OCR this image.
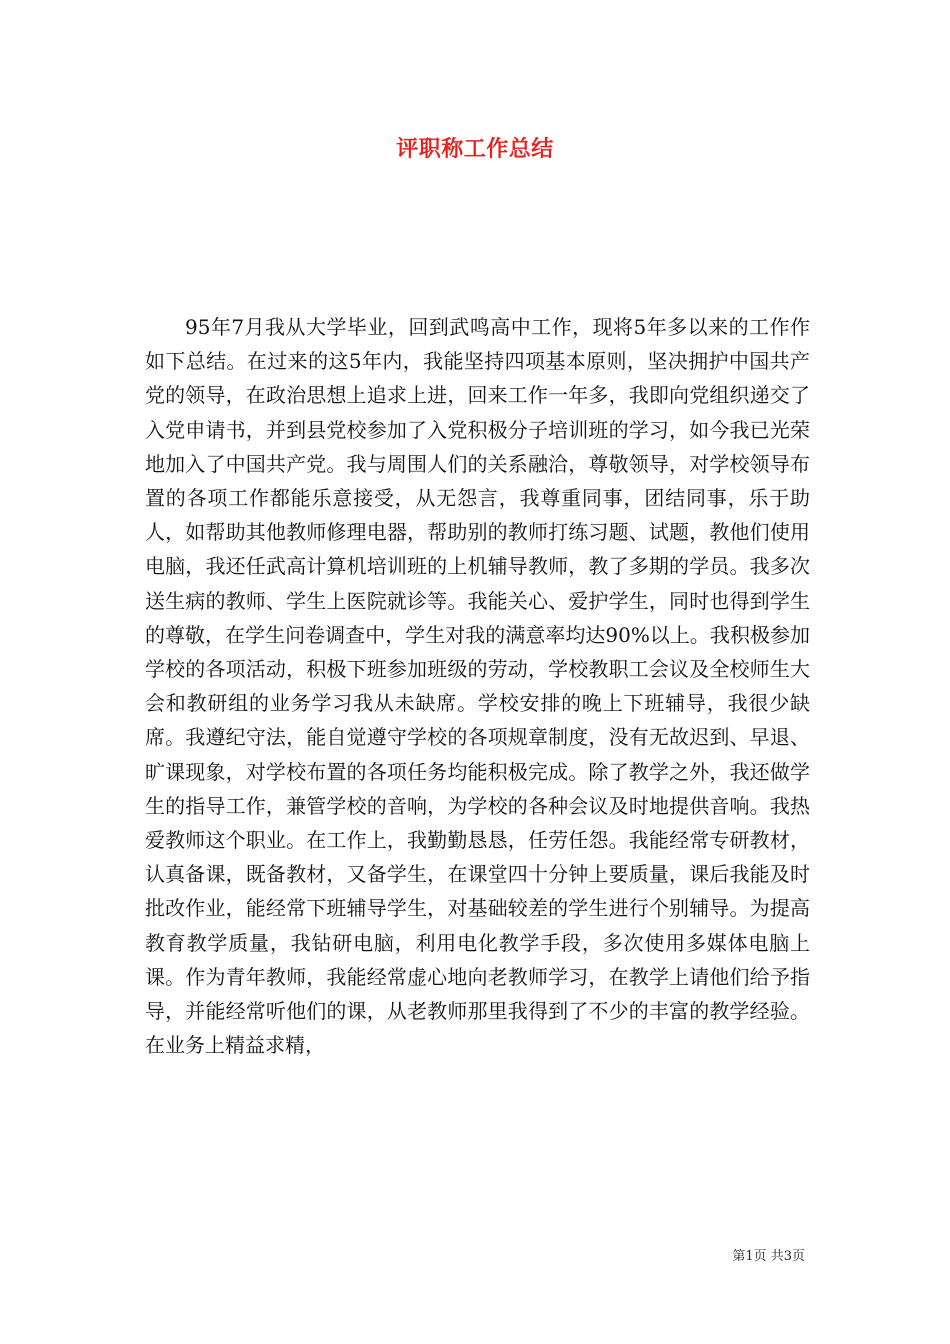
评职称工作总结

95年7月我从大学毕业，回到武鸣高中工作，现将5年多以来的工作作如下总结。在过来的这5年内，我能坚持四项基本原则，坚决拥护中国共产党的领导，在政治思想上追求上进，回来工作一年多，我即向党组织递交了入党申请书，并到县党校参加了入党积极分子培训班的学习，如今我已光荣地加入了中国共产党。我与周围人们的关系融洽，尊敬领导，对学校领导布置的各项工作都能乐意接受，从无怨言，我尊重同事，团结同事，乐于助人，如帮助其他教师修理电器，帮助别的教师打练习题、试题，教他们使用电脑，我还任武高计算机培训班的上机辅导教师，教了多期的学员。我多次送生病的教师、学生上医院就诊等。我能关心、爱护学生，同时也得到学生的尊敬，在学生问卷调查中，学生对我的满意率均达90%以上。我积极参加学校的各项活动，积极下班参加班级的劳动，学校教职工会议及全校师生大会和教研组的业务学习我从未缺席。学校安排的晚上下班辅导，我很少缺席。我遵纪守法，能自觉遵守学校的各项规章制度，没有无故迟到、早退、旷课现象，对学校布置的各项任务均能积极完成。除了教学之外，我还做学生的指导工作，兼管学校的音响，为学校的各种会议及时地提供音响。我热爱教师这个职业。在工作上，我勤勤恳恳，任劳任怨。我能经常专研教材，认真备课，既备教材，又备学生，在课堂四十分钟上要质量，课后我能及时批改作业，能经常下班辅导学生，对基础较差的学生进行个别辅导。为提高教育教学质量，我钻研电脑，利用电化教学手段，多次使用多媒体电脑上课。作为青年教师，我能经常虚心地向老教师学习，在教学上请他们给予指导，并能经常听他们的课，从老教师那里我得到了不少的丰富的教学经验。在业务上精益求精，

第1页 共3页
